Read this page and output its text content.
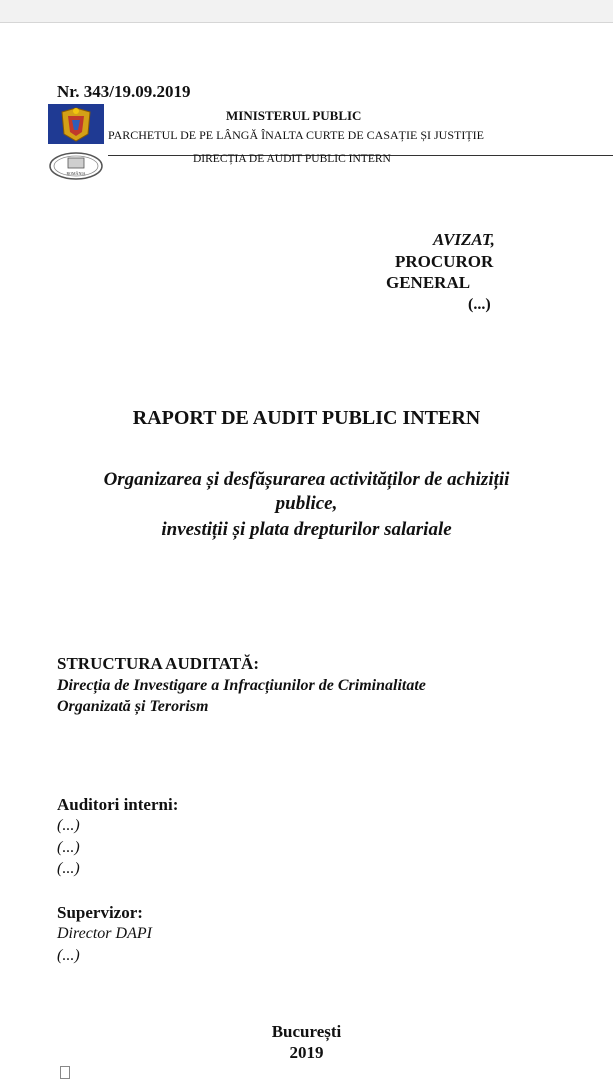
Nr. 343/19.09.2019
MINISTERUL PUBLIC
PARCHETUL DE PE LÂNGĂ ÎNALTA CURTE DE CASAȚIE ȘI JUSTIȚIE
DIRECȚIA DE AUDIT PUBLIC INTERN
ROMÂNIA
AVIZAT,
PROCUROR
GENERAL
(...)
RAPORT DE AUDIT PUBLIC INTERN
Organizarea și desfășurarea activităților de achiziții
publice,
investiții și plata drepturilor salariale
STRUCTURA AUDITATĂ:
Direcția de Investigare a Infracțiunilor de Criminalitate
Organizată și Terorism
Auditori interni:
(...)
(...)
(...)
Supervizor:
Director DAPI
(...)
București
2019
